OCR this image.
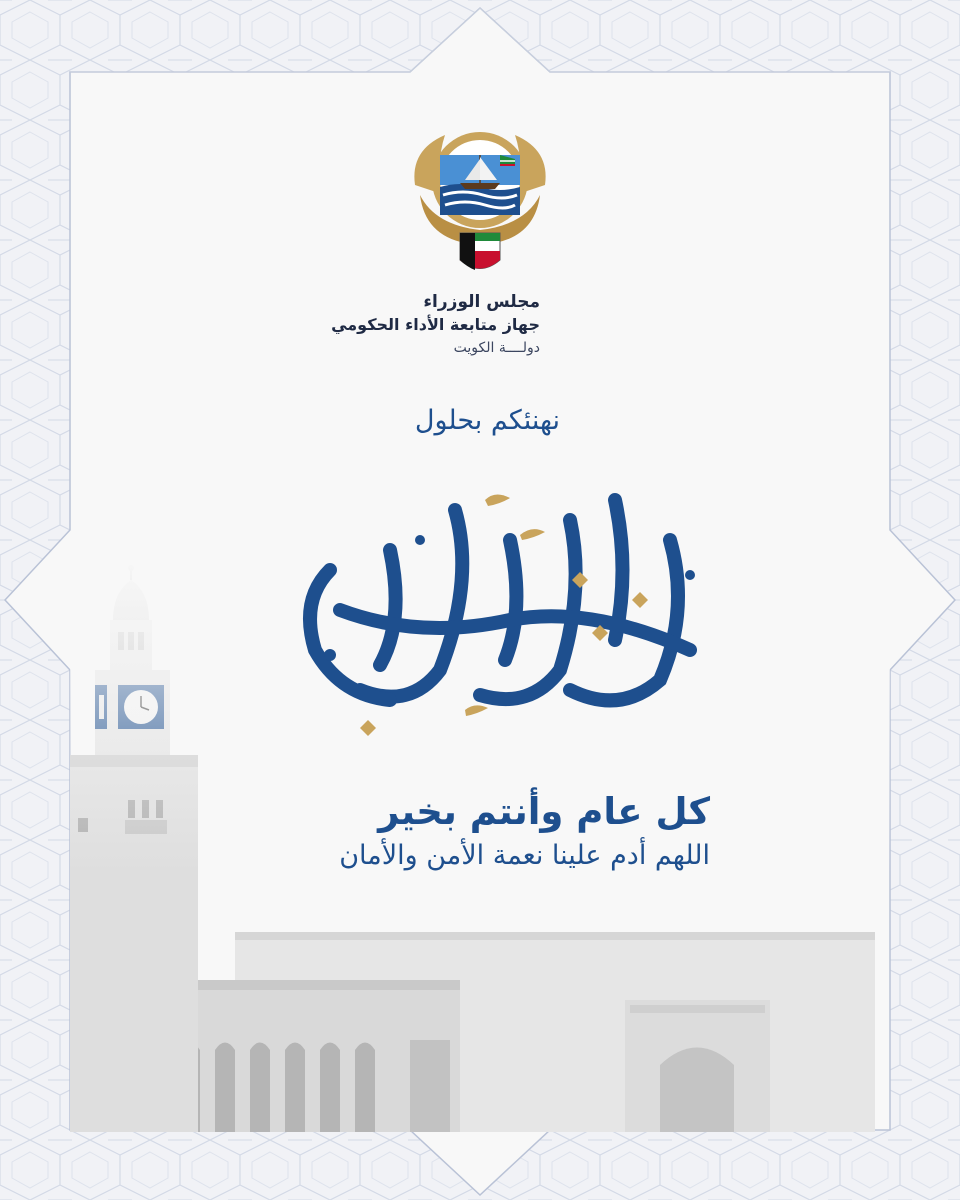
مجلس الوزراء
جهاز متابعة الأداء الحكومي
دولــــة الكويت
نهنئكم بحلول
كل عام وأنتم بخير
اللهم أدم علينا نعمة الأمن والأمان
